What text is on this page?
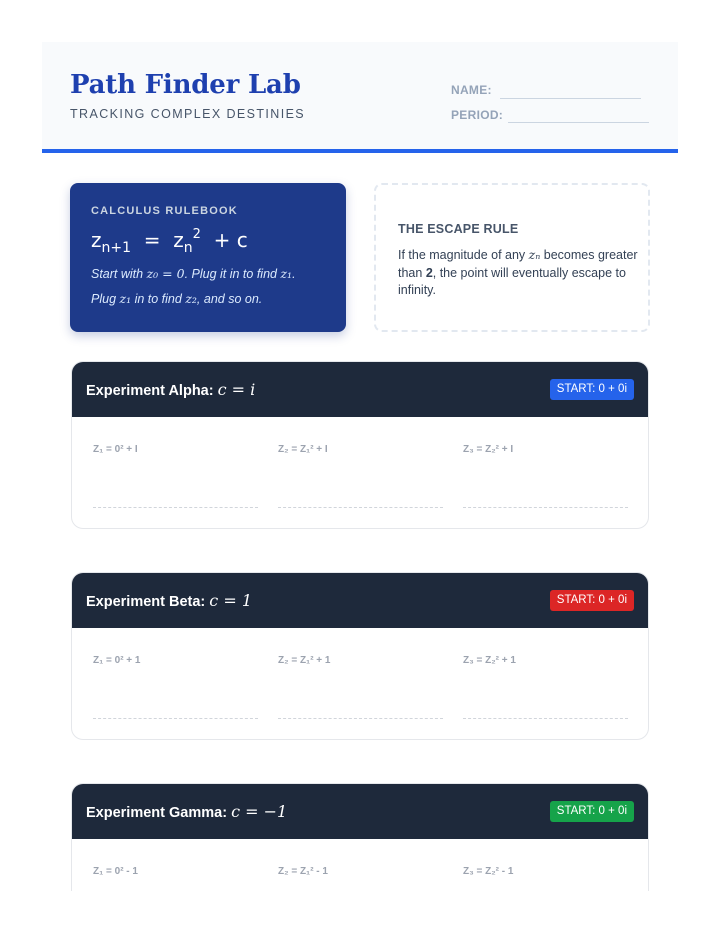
Path Finder Lab
TRACKING COMPLEX DESTINIES
NAME:
PERIOD:
CALCULUS RULEBOOK
$z_{n+1} = z_n^2 + c$
Start with z₀ = 0. Plug it in to find z₁.
Plug z₁ in to find z₂, and so on.
THE ESCAPE RULE
If the magnitude of any zₙ becomes greater than 2, the point will eventually escape to infinity.
Experiment Alpha: c = i	START: 0 + 0i
Z₁ = 0² + I	Z₂ = Z₁² + I	Z₃ = Z₂² + I
Experiment Beta: c = 1	START: 0 + 0i
Z₁ = 0² + 1	Z₂ = Z₁² + 1	Z₃ = Z₂² + 1
Experiment Gamma: c = −1	START: 0 + 0i
Z₁ = 0² - 1	Z₂ = Z₁² - 1	Z₃ = Z₂² - 1
